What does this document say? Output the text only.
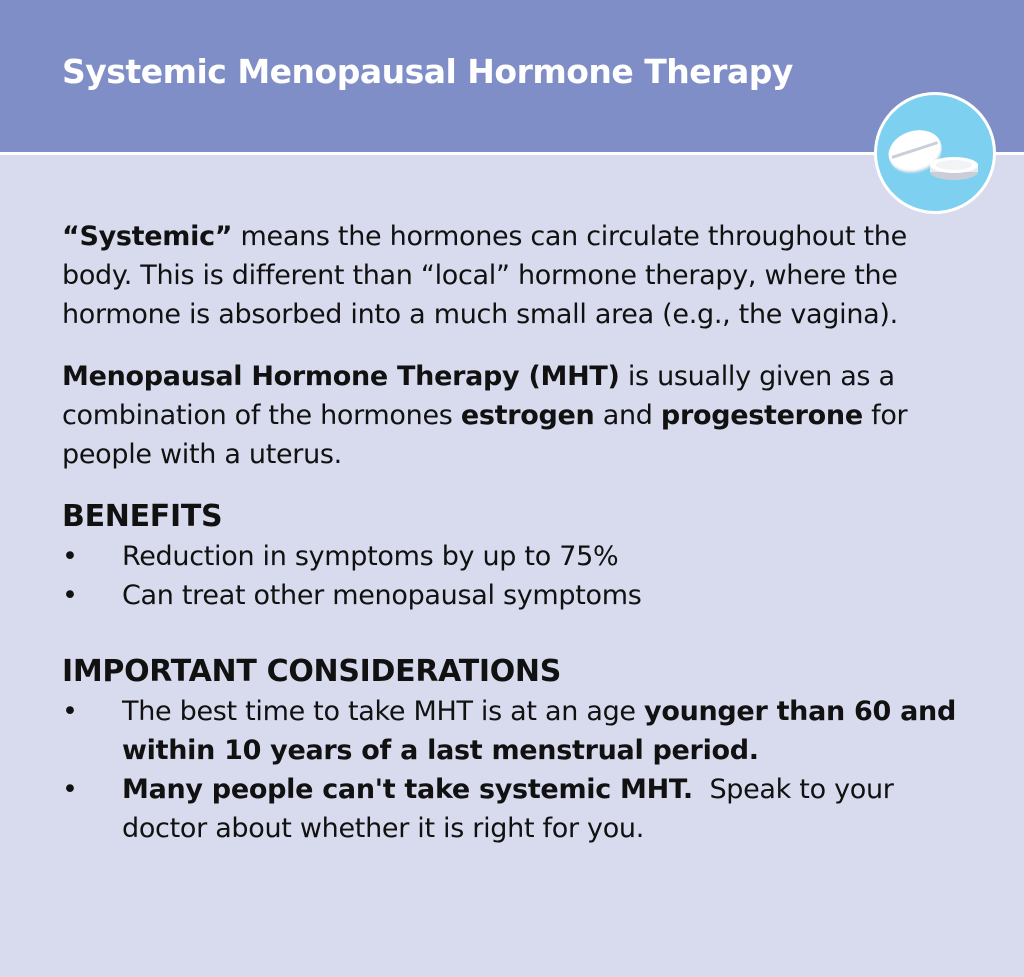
Systemic Menopausal Hormone Therapy

“Systemic” means the hormones can circulate throughout the body. This is different than “local” hormone therapy, where the hormone is absorbed into a much small area (e.g., the vagina).

Menopausal Hormone Therapy (MHT) is usually given as a combination of the hormones estrogen and progesterone for people with a uterus.

BENEFITS
• Reduction in symptoms by up to 75%
• Can treat other menopausal symptoms
IMPORTANT CONSIDERATIONS
• The best time to take MHT is at an age younger than 60 and within 10 years of a last menstrual period.
• Many people can't take systemic MHT.  Speak to your doctor about whether it is right for you.
